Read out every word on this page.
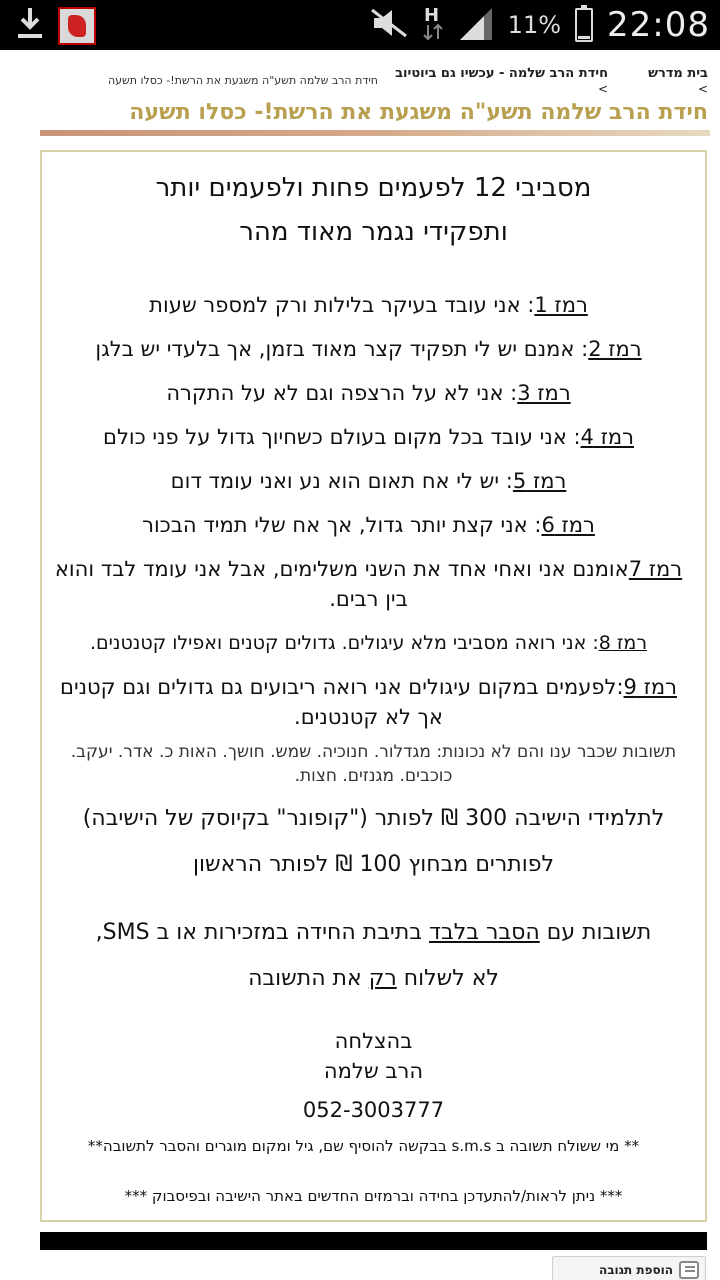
H	11% ⚡ 22:08
בית מדרש
>
חידת הרב שלמה - עכשיו גם ביוטיוב
>
חידת הרב שלמה תשע"ה משגעת את הרשת!- כסלו תשעה
חידת הרב שלמה תשע"ה משגעת את הרשת!- כסלו תשעה
מסביבי 12 לפעמים פחות ולפעמים יותר
ותפקידי נגמר מאוד מהר
רמז 1: אני עובד בעיקר בלילות ורק למספר שעות
רמז 2: אמנם יש לי תפקיד קצר מאוד בזמן, אך בלעדי יש בלגן
רמז 3: אני לא על הרצפה וגם לא על התקרה
רמז 4: אני עובד בכל מקום בעולם כשחיוך גדול על פני כולם
רמז 5: יש לי אח תאום הוא נע ואני עומד דום
רמז 6: אני קצת יותר גדול, אך אח שלי תמיד הבכור
רמז 7אומנם אני ואחי אחד את השני משלימים, אבל אני עומד לבד והוא בין רבים.
רמז 8: אני רואה מסביבי מלא עיגולים. גדולים קטנים ואפילו קטנטנים.
רמז 9:לפעמים במקום עיגולים אני רואה ריבועים גם גדולים וגם קטנים אך לא קטנטנים.
תשובות שכבר ענו והם לא נכונות: מגדלור. חנוכיה. שמש. חושך. האות כ. אדר. יעקב. כוכבים. מגנזים. חצות.
לתלמידי הישיבה 300 ₪ לפותר ("קופונר" בקיוסק של הישיבה)
לפותרים מבחוץ 100 ₪ לפותר הראשון
תשובות עם הסבר בלבד בתיבת החידה במזכירות או ב SMS,
לא לשלוח רק את התשובה
בהצלחה
הרב שלמה
052-3003777
** מי ששולח תשובה ב s.m.s בבקשה להוסיף שם, גיל ומקום מוגרים והסבר לתשובה**
*** ניתן לראות/להתעדכן בחידה וברמזים החדשים באתר הישיבה ובפיסבוק ***
הוספת תגובה
